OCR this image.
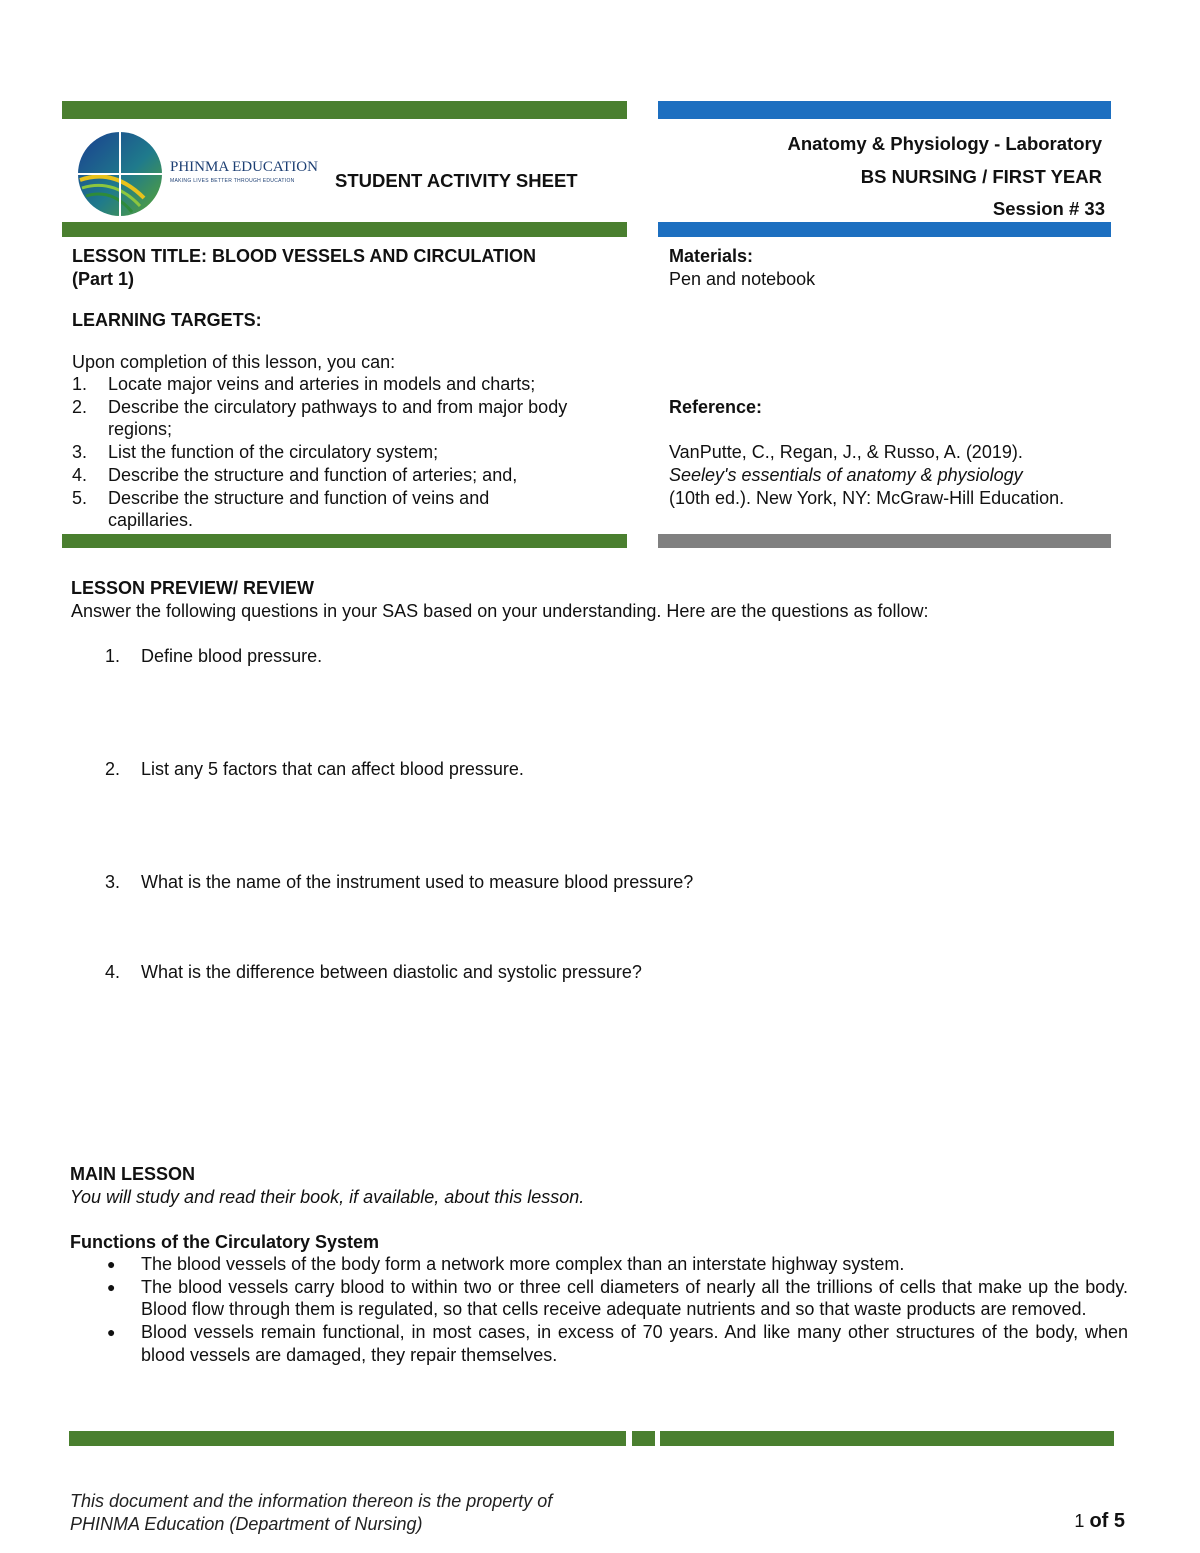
PHINMA EDUCATION
MAKING LIVES BETTER THROUGH EDUCATION STUDENT ACTIVITY SHEET
Anatomy & Physiology - Laboratory
BS NURSING / FIRST YEAR
Session # 33
LESSON TITLE: BLOOD VESSELS AND CIRCULATION
(Part 1)
LEARNING TARGETS:
Upon completion of this lesson, you can:
1. Locate major veins and arteries in models and charts;
2. Describe the circulatory pathways to and from major body
regions;
3. List the function of the circulatory system;
4. Describe the structure and function of arteries; and,
5. Describe the structure and function of veins and
capillaries.
Materials:
Pen and notebook
Reference:
VanPutte, C., Regan, J., & Russo, A. (2019).
Seeley's essentials of anatomy & physiology
(10th ed.). New York, NY: McGraw-Hill Education.
LESSON PREVIEW/ REVIEW
Answer the following questions in your SAS based on your understanding. Here are the questions as follow:
1. Define blood pressure.
2. List any 5 factors that can affect blood pressure.
3. What is the name of the instrument used to measure blood pressure?
4. What is the difference between diastolic and systolic pressure?
MAIN LESSON
You will study and read their book, if available, about this lesson.
Functions of the Circulatory System
● The blood vessels of the body form a network more complex than an interstate highway system.
● The blood vessels carry blood to within two or three cell diameters of nearly all the trillions of cells that make up the body. Blood flow through them is regulated, so that cells receive adequate nutrients and so that waste products are removed.
● Blood vessels remain functional, in most cases, in excess of 70 years. And like many other structures of the body, when blood vessels are damaged, they repair themselves.
This document and the information thereon is the property of
PHINMA Education (Department of Nursing)	1 of 5
